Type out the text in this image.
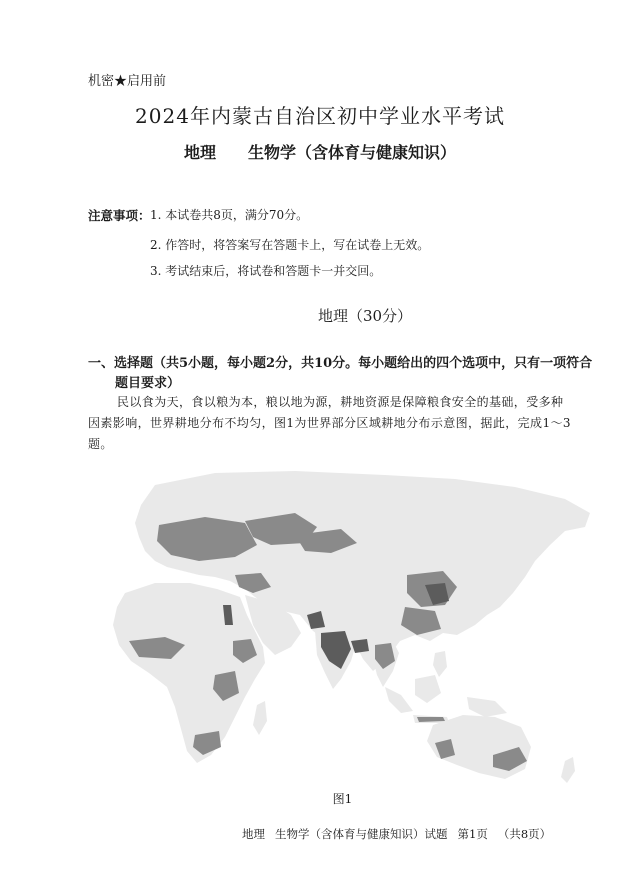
机密★启用前
2024年内蒙古自治区初中学业水平考试
地理 生物学（含体育与健康知识）
注意事项： 1. 本试卷共8页，满分70分。
2. 作答时，将答案写在答题卡上，写在试卷上无效。
3. 考试结束后，将试卷和答题卡一并交回。
地理（30分）
一、选择题（共5小题，每小题2分，共10分。每小题给出的四个选项中，只有一项符合
题目要求）
民以食为天，食以粮为本，粮以地为源，耕地资源是保障粮食安全的基础，受多种
因素影响，世界耕地分布不均匀，图1为世界部分区域耕地分布示意图，据此，完成1～3
题。
图1
地理 生物学（含体育与健康知识）试题 第1页 （共8页）
